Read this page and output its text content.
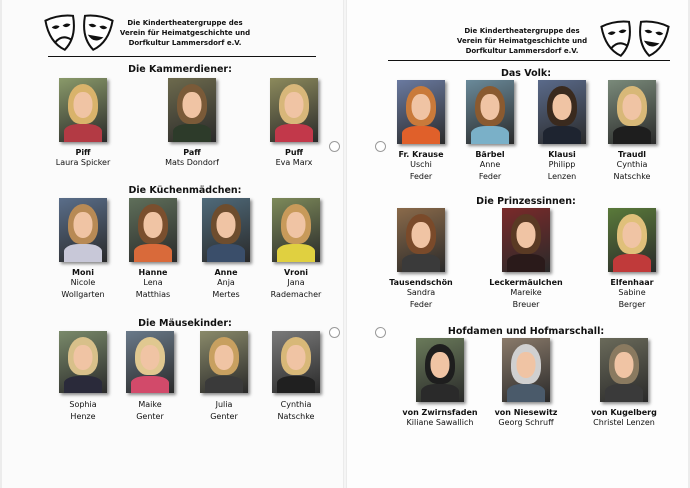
Die Kindertheatergruppe des
Verein für Heimatgeschichte und
Dorfkultur Lammersdorf e.V.
Die Kindertheatergruppe des
Verein für Heimatgeschichte und
Dorfkultur Lammersdorf e.V.
Die Kammerdiener:
Piff
Laura Spicker
Paff
Mats Dondorf
Puff
Eva Marx
Die Küchenmädchen:
Moni
Nicole
Wollgarten
Hanne
Lena
Matthias
Anne
Anja
Mertes
Vroni
Jana
Rademacher
Die Mäusekinder:
Sophia
Henze
Maike
Genter
Julia
Genter
Cynthia
Natschke
Das Volk:
Fr. Krause
Uschi
Feder
Bärbel
Anne
Feder
Klausi
Philipp
Lenzen
Traudl
Cynthia
Natschke
Die Prinzessinnen:
Tausendschön
Sandra
Feder
Leckermäulchen
Mareike
Breuer
Elfenhaar
Sabine
Berger
Hofdamen und Hofmarschall:
von Zwirnsfaden
Kiliane Sawallich
von Niesewitz
Georg Schruff
von Kugelberg
Christel Lenzen
